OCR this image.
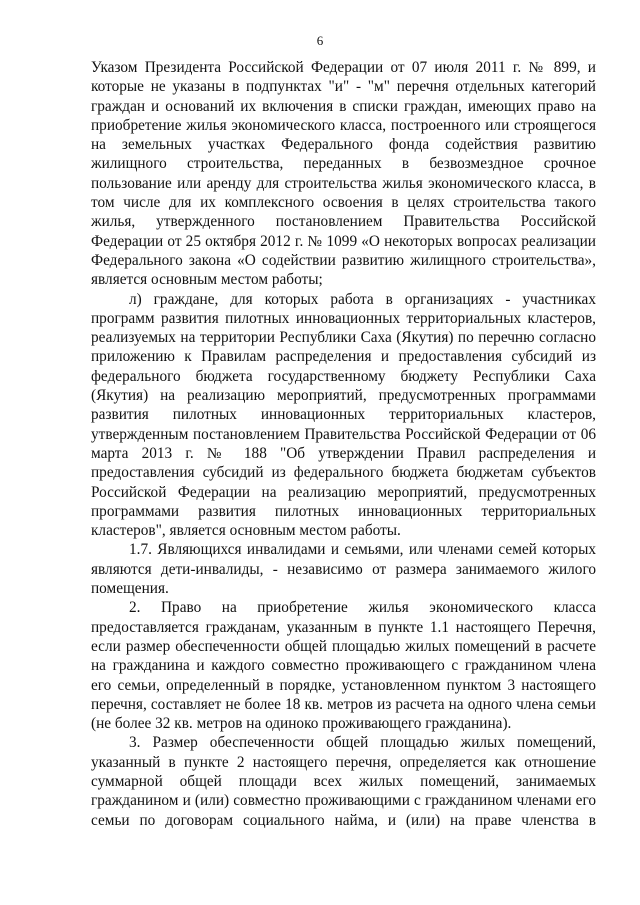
6

Указом Президента Российской Федерации от 07 июля 2011 г. № 899, и которые не указаны в подпунктах "и" - "м" перечня отдельных категорий граждан и оснований их включения в списки граждан, имеющих право на приобретение жилья экономического класса, построенного или строящегося на земельных участках Федерального фонда содействия развитию жилищного строительства, переданных в безвозмездное срочное пользование или аренду для строительства жилья экономического класса, в том числе для их комплексного освоения в целях строительства такого жилья, утвержденного постановлением Правительства Российской Федерации от 25 октября 2012 г. № 1099 «О некоторых вопросах реализации Федерального закона «О содействии развитию жилищного строительства», является основным местом работы;

л) граждане, для которых работа в организациях - участниках программ развития пилотных инновационных территориальных кластеров, реализуемых на территории Республики Саха (Якутия) по перечню согласно приложению к Правилам распределения и предоставления субсидий из федерального бюджета государственному бюджету Республики Саха (Якутия) на реализацию мероприятий, предусмотренных программами развития пилотных инновационных территориальных кластеров, утвержденным постановлением Правительства Российской Федерации от 06 марта 2013 г. № 188 "Об утверждении Правил распределения и предоставления субсидий из федерального бюджета бюджетам субъектов Российской Федерации на реализацию мероприятий, предусмотренных программами развития пилотных инновационных территориальных кластеров", является основным местом работы.

1.7. Являющихся инвалидами и семьями, или членами семей которых являются дети-инвалиды, - независимо от размера занимаемого жилого помещения.

2. Право на приобретение жилья экономического класса предоставляется гражданам, указанным в пункте 1.1 настоящего Перечня, если размер обеспеченности общей площадью жилых помещений в расчете на гражданина и каждого совместно проживающего с гражданином члена его семьи, определенный в порядке, установленном пунктом 3 настоящего перечня, составляет не более 18 кв. метров из расчета на одного члена семьи (не более 32 кв. метров на одиноко проживающего гражданина).

3. Размер обеспеченности общей площадью жилых помещений, указанный в пункте 2 настоящего перечня, определяется как отношение суммарной общей площади всех жилых помещений, занимаемых гражданином и (или) совместно проживающими с гражданином членами его семьи по договорам социального найма, и (или) на праве членства в
